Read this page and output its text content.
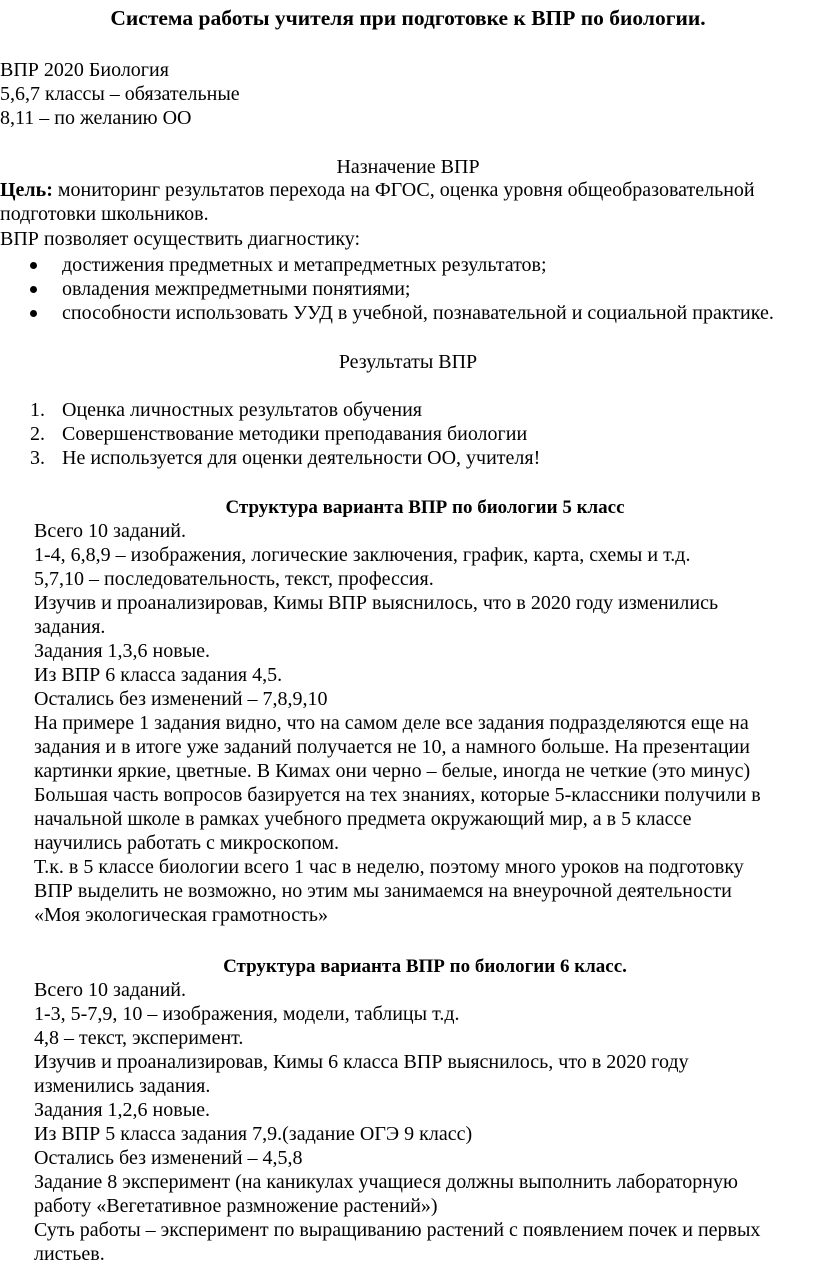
Система работы учителя при подготовке к ВПР по биологии.
ВПР 2020 Биология
5,6,7 классы – обязательные
8,11 – по желанию ОО
Назначение ВПР
Цель: мониторинг результатов перехода на ФГОС, оценка уровня общеобразовательной
подготовки школьников.
ВПР позволяет осуществить диагностику:
достижения предметных и метапредметных результатов;
овладения межпредметными понятиями;
способности использовать УУД в учебной, познавательной и социальной практике.
Результаты ВПР
1. Оценка личностных результатов обучения
2. Совершенствование методики преподавания биологии
3. Не используется для оценки деятельности ОО, учителя!
Структура варианта ВПР по биологии 5 класс

Всего 10 заданий.

1-4, 6,8,9 – изображения, логические заключения, график, карта, схемы и т.д.

5,7,10 – последовательность, текст, профессия.

Изучив и проанализировав, Кимы ВПР выяснилось, что в 2020 году изменились

задания.

Задания 1,3,6 новые.

Из ВПР 6 класса задания 4,5.

Остались без изменений – 7,8,9,10

На примере 1 задания видно, что на самом деле все задания подразделяются еще на

задания и в итоге уже заданий получается не 10, а намного больше. На презентации

картинки яркие, цветные. В Кимах они черно – белые, иногда не четкие (это минус)

Большая часть вопросов базируется на тех знаниях, которые 5-классники получили в

начальной школе в рамках учебного предмета окружающий мир, а в 5 классе

научились работать с микроскопом.

Т.к. в 5 классе биологии всего 1 час в неделю, поэтому много уроков на подготовку

ВПР выделить не возможно, но этим мы занимаемся на внеурочной деятельности

«Моя экологическая грамотность»

Структура варианта ВПР по биологии 6 класс.

Всего 10 заданий.

1-3, 5-7,9, 10 – изображения, модели, таблицы т.д.

4,8 – текст, эксперимент.

Изучив и проанализировав, Кимы 6 класса ВПР выяснилось, что в 2020 году

изменились задания.

Задания 1,2,6 новые.

Из ВПР 5 класса задания 7,9.(задание ОГЭ 9 класс)

Остались без изменений – 4,5,8

Задание 8 эксперимент (на каникулах учащиеся должны выполнить лабораторную

работу «Вегетативное размножение растений»)

Суть работы – эксперимент по выращиванию растений с появлением почек и первых

листьев.
